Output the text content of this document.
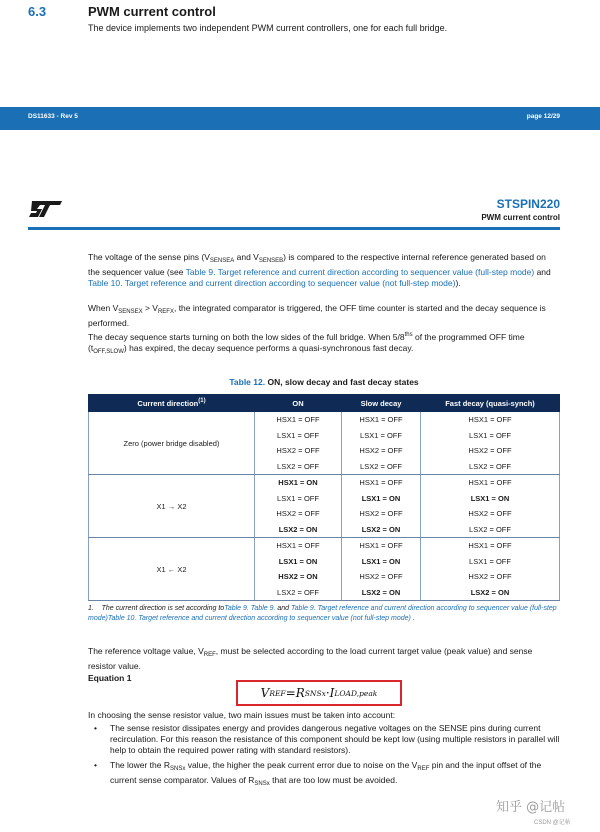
6.3	PWM current control
The device implements two independent PWM current controllers, one for each full bridge.
DS11633 - Rev 5	page 12/29
STSPIN220
PWM current control
The voltage of the sense pins ($V_{SENSEA}$ and $V_{SENSEB}$) is compared to the respective internal reference generated based on the sequencer value (see Table 9. Target reference and current direction according to sequencer value (full-step mode) and Table 10. Target reference and current direction according to sequencer value (not full-step mode)).
When $V_{SENSEX} > V_{REFX}$, the integrated comparator is triggered, the OFF time counter is started and the decay sequence is performed.
The decay sequence starts turning on both the low sides of the full bridge. When $5/8^{ths}$ of the programmed OFF time $(t_{OFF,SLOW})$ has expired, the decay sequence performs a quasi-synchronous fast decay.
Table 12. ON, slow decay and fast decay states
Current direction$^{(1)}$	ON	Slow decay	Fast decay (quasi-synch)
Zero (power bridge disabled)	HSX1 = OFF	HSX1 = OFF	HSX1 = OFF
	LSX1 = OFF	LSX1 = OFF	LSX1 = OFF
	HSX2 = OFF	HSX2 = OFF	HSX2 = OFF
	LSX2 = OFF	LSX2 = OFF	LSX2 = OFF
X1 → X2	HSX1 = ON	HSX1 = OFF	HSX1 = OFF
	LSX1 = OFF	LSX1 = ON	LSX1 = ON
	HSX2 = OFF	HSX2 = OFF	HSX2 = OFF
	LSX2 = ON	LSX2 = ON	LSX2 = OFF
X1 ← X2	HSX1 = OFF	HSX1 = OFF	HSX1 = OFF
	LSX1 = ON	LSX1 = ON	LSX1 = OFF
	HSX2 = ON	HSX2 = OFF	HSX2 = OFF
	LSX2 = OFF	LSX2 = ON	LSX2 = ON
1. The current direction is set according toTable 9. Table 9. and Table 9. Target reference and current direction according to sequencer value (full-step mode)Table 10. Target reference and current direction according to sequencer value (not full-step mode) .
The reference voltage value, $V_{REF}$, must be selected according to the load current target value (peak value) and sense resistor value.
Equation 1
V REF = R SNSx · I LOAD,peak
In choosing the sense resistor value, two main issues must be taken into account:
• The sense resistor dissipates energy and provides dangerous negative voltages on the SENSE pins during current recirculation. For this reason the resistance of this component should be kept low (using multiple resistors in parallel will help to obtain the required power rating with standard resistors).
• The lower the $R_{SNSx}$ value, the higher the peak current error due to noise on the $V_{REF}$ pin and the input offset of the current sense comparator. Values of $R_{SNSx}$ that are too low must be avoided.
知乎 @记帖
CSDN @记帖
